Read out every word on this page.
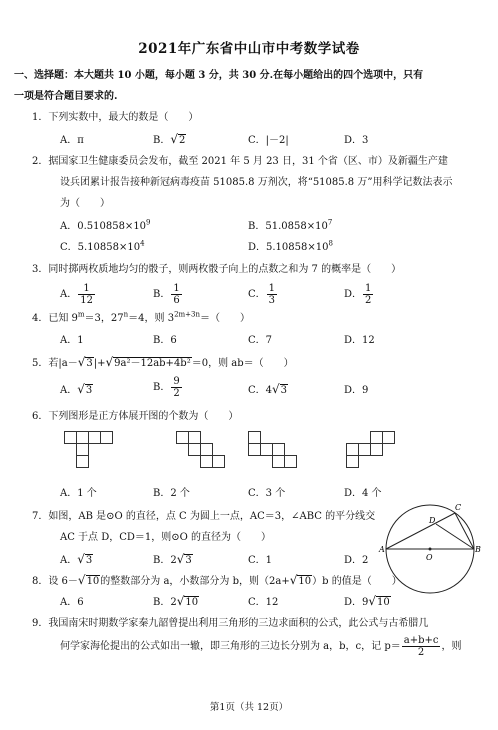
2021年广东省中山市中考数学试卷
一、选择题：本大题共 10 小题，每小题 3 分，共 30 分.在每小题给出的四个选项中，只有
一项是符合题目要求的.
1．下列实数中，最大的数是（　　）
A．π	B．√2	C．|－2|	D．3
2．据国家卫生健康委员会发布，截至 2021 年 5 月 23 日，31 个省（区、市）及新疆生产建
设兵团累计报告接种新冠病毒疫苗 51085.8 万剂次，将“51085.8 万”用科学记数法表示
为（　　）
A．$0.510858\times 10^9$	B．$51.0858\times 10^7$
C．$5.10858\times 10^4$	D．$5.10858\times 10^8$
3．同时掷两枚质地均匀的骰子，则两枚骰子向上的点数之和为 7 的概率是（　　）
A． $\frac{1}{12}$	B． $\frac{1}{6}$	C． $\frac{1}{3}$	D． $\frac{1}{2}$
4．已知 $9^m=3$，$27^n=4$，则 $3^{2m+3n}=$（　　）
A．1	B．6	C．7	D．12
5．若|a－√3|+√9a²－12ab+4b²＝0，则 ab＝（　　）
A．√3	B． $\frac{9}{2}$	C．4√3	D．9
6．下列图形是正方体展开图的个数为（　　）
A．1 个	B．2 个	C．3 个	D．4 个
7．如图，AB 是⊙O 的直径，点 C 为圆上一点，AC＝3，∠ABC 的平分线交
AC 于点 D，CD＝1，则⊙O 的直径为（　　）
A．√3	B．2√3	C．1	D．2
A	B
C
D
O
8．设 6－√10的整数部分为 a，小数部分为 b，则（2a+√10）b 的值是（　　）
A．6	B．2√10	C．12	D．9√10
9．我国南宋时期数学家秦九韶曾提出利用三角形的三边求面积的公式，此公式与古希腊几
何学家海伦提出的公式如出一辙，即三角形的三边长分别为 a，b，c，记 $p= \frac{a+b+c}{2}$ ，则
第1页（共 12页）
